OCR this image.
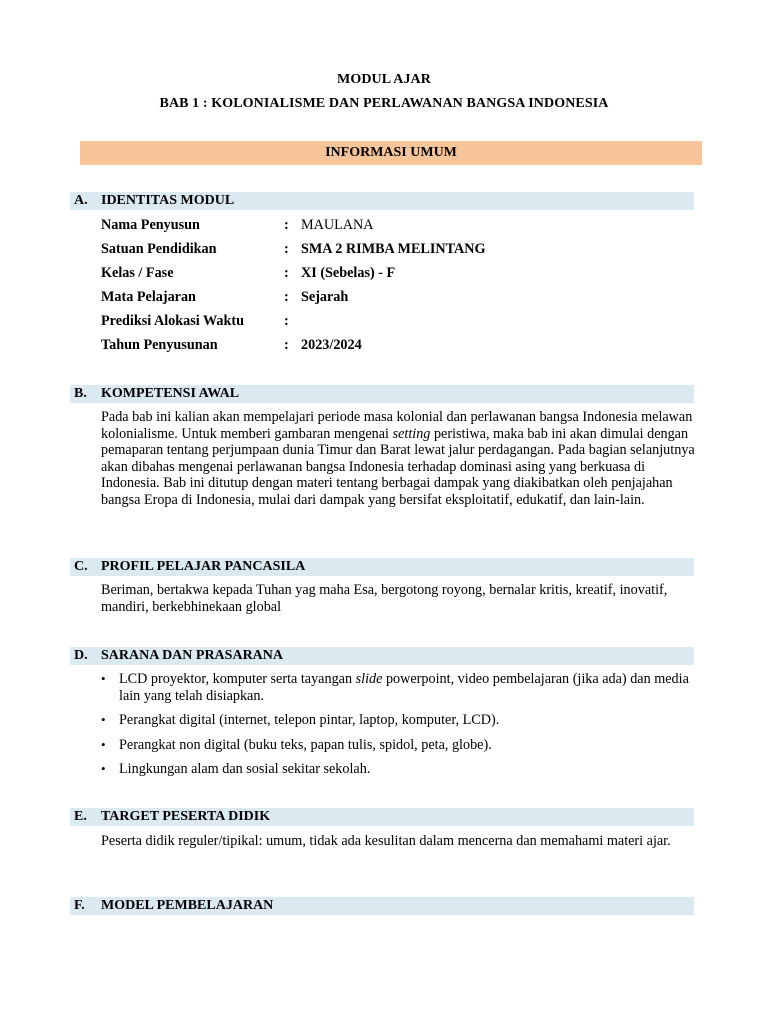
MODUL AJAR
BAB 1 : KOLONIALISME DAN PERLAWANAN BANGSA INDONESIA
INFORMASI UMUM
A. IDENTITAS MODUL
Nama Penyusun	: MAULANA
Satuan Pendidikan	: SMA 2 RIMBA MELINTANG
Kelas / Fase	: XI (Sebelas) - F
Mata Pelajaran	: Sejarah
Prediksi Alokasi Waktu	:
Tahun Penyusunan	: 2023/2024
B. KOMPETENSI AWAL
Pada bab ini kalian akan mempelajari periode masa kolonial dan perlawanan bangsa Indonesia melawan kolonialisme. Untuk memberi gambaran mengenai setting peristiwa, maka bab ini akan dimulai dengan pemaparan tentang perjumpaan dunia Timur dan Barat lewat jalur perdagangan. Pada bagian selanjutnya akan dibahas mengenai perlawanan bangsa Indonesia terhadap dominasi asing yang berkuasa di Indonesia. Bab ini ditutup dengan materi tentang berbagai dampak yang diakibatkan oleh penjajahan bangsa Eropa di Indonesia, mulai dari dampak yang bersifat eksploitatif, edukatif, dan lain-lain.
C. PROFIL PELAJAR PANCASILA
Beriman, bertakwa kepada Tuhan yag maha Esa, bergotong royong, bernalar kritis, kreatif, inovatif, mandiri, berkebhinekaan global
D. SARANA DAN PRASARANA
• LCD proyektor, komputer serta tayangan slide powerpoint, video pembelajaran (jika ada) dan media lain yang telah disiapkan.
• Perangkat digital (internet, telepon pintar, laptop, komputer, LCD).
• Perangkat non digital (buku teks, papan tulis, spidol, peta, globe).
• Lingkungan alam dan sosial sekitar sekolah.
E. TARGET PESERTA DIDIK
Peserta didik reguler/tipikal: umum, tidak ada kesulitan dalam mencerna dan memahami materi ajar.
F. MODEL PEMBELAJARAN
